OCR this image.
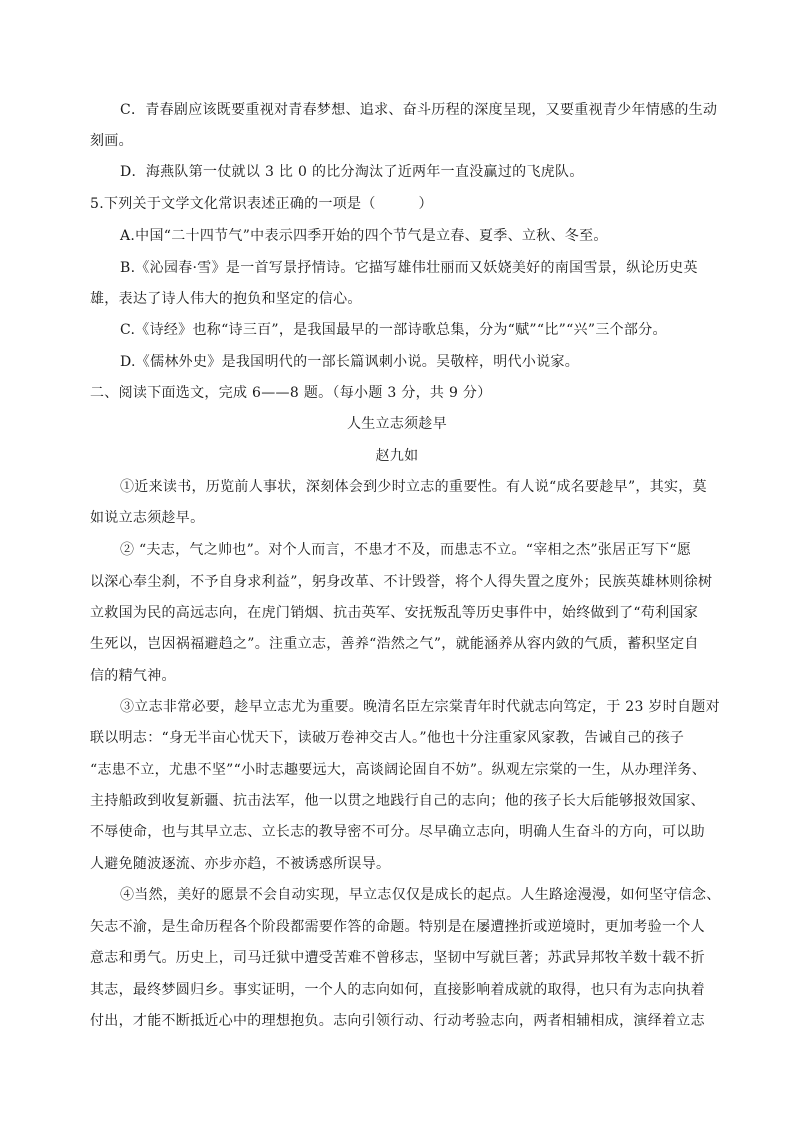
C．青春剧应该既要重视对青春梦想、追求、奋斗历程的深度呈现，又要重视青少年情感的生动
刻画。
D．海燕队第一仗就以 3 比 0 的比分淘汰了近两年一直没赢过的飞虎队。
5.下列关于文学文化常识表述正确的一项是（　　　）
A.中国“二十四节气”中表示四季开始的四个节气是立春、夏季、立秋、冬至。
B.《沁园春·雪》是一首写景抒情诗。它描写雄伟壮丽而又妖娆美好的南国雪景，纵论历史英
雄，表达了诗人伟大的抱负和坚定的信心。
C.《诗经》也称“诗三百”，是我国最早的一部诗歌总集，分为“赋”“比”“兴”三个部分。
D.《儒林外史》是我国明代的一部长篇讽刺小说。吴敬梓，明代小说家。
二、阅读下面选文，完成 6——8 题。（每小题 3 分，共 9 分）
人生立志须趁早
赵九如
①近来读书，历览前人事状，深刻体会到少时立志的重要性。有人说“成名要趁早”，其实，莫
如说立志须趁早。
② “夫志，气之帅也”。对个人而言，不患才不及，而患志不立。“宰相之杰”张居正写下“愿
以深心奉尘刹，不予自身求利益”，躬身改革、不计毁誉，将个人得失置之度外；民族英雄林则徐树
立救国为民的高远志向，在虎门销烟、抗击英军、安抚叛乱等历史事件中，始终做到了“苟利国家
生死以，岂因祸福避趋之”。注重立志，善养“浩然之气”，就能涵养从容内敛的气质，蓄积坚定自
信的精气神。
③立志非常必要，趁早立志尤为重要。晚清名臣左宗棠青年时代就志向笃定，于 23 岁时自题对
联以明志：“身无半亩心忧天下，读破万卷神交古人。”他也十分注重家风家教，告诫自己的孩子
“志患不立，尤患不坚”“小时志趣要远大，高谈阔论固自不妨”。纵观左宗棠的一生，从办理洋务、
主持船政到收复新疆、抗击法军，他一以贯之地践行自己的志向；他的孩子长大后能够报效国家、
不辱使命，也与其早立志、立长志的教导密不可分。尽早确立志向，明确人生奋斗的方向，可以助
人避免随波逐流、亦步亦趋，不被诱惑所误导。
④当然，美好的愿景不会自动实现，早立志仅仅是成长的起点。人生路途漫漫，如何坚守信念、
矢志不渝，是生命历程各个阶段都需要作答的命题。特别是在屡遭挫折或逆境时，更加考验一个人
意志和勇气。历史上，司马迁狱中遭受苦难不曾移志，坚韧中写就巨著；苏武异邦牧羊数十载不折
其志，最终梦圆归乡。事实证明，一个人的志向如何，直接影响着成就的取得，也只有为志向执着
付出，才能不断抵近心中的理想抱负。志向引领行动、行动考验志向，两者相辅相成，演绎着立志
